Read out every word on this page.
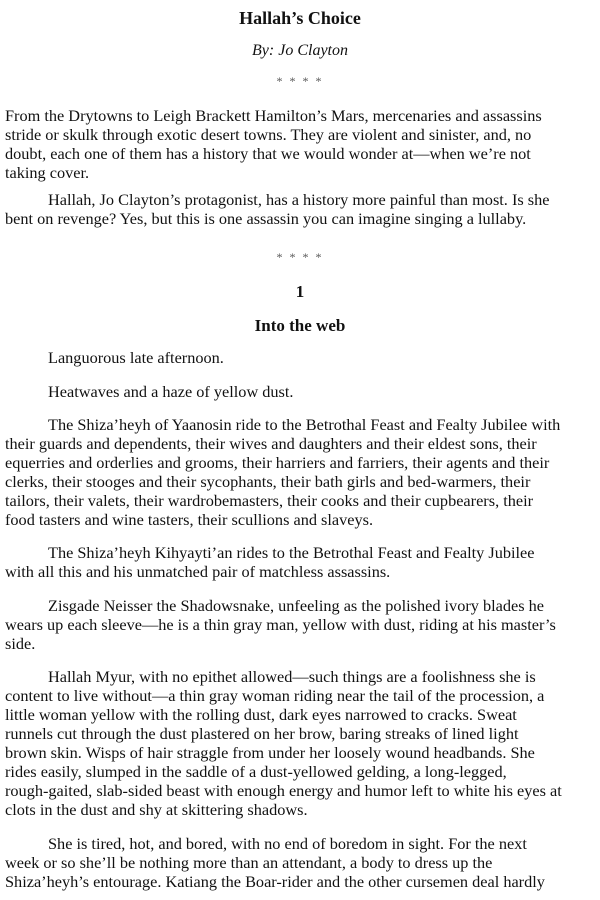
Hallah’s Choice
By: Jo Clayton
* * * *
From the Drytowns to Leigh Brackett Hamilton’s Mars, mercenaries and assassins
stride or skulk through exotic desert towns. They are violent and sinister, and, no
doubt, each one of them has a history that we would wonder at—when we’re not
taking cover.
Hallah, Jo Clayton’s protagonist, has a history more painful than most. Is she
bent on revenge? Yes, but this is one assassin you can imagine singing a lullaby.
* * * *
1
Into the web
Languorous late afternoon.
Heatwaves and a haze of yellow dust.
The Shiza’heyh of Yaanosin ride to the Betrothal Feast and Fealty Jubilee with
their guards and dependents, their wives and daughters and their eldest sons, their
equerries and orderlies and grooms, their harriers and farriers, their agents and their
clerks, their stooges and their sycophants, their bath girls and bed-warmers, their
tailors, their valets, their wardrobemasters, their cooks and their cupbearers, their
food tasters and wine tasters, their scullions and slaveys.
The Shiza’heyh Kihyayti’an rides to the Betrothal Feast and Fealty Jubilee
with all this and his unmatched pair of matchless assassins.
Zisgade Neisser the Shadowsnake, unfeeling as the polished ivory blades he
wears up each sleeve—he is a thin gray man, yellow with dust, riding at his master’s
side.
Hallah Myur, with no epithet allowed—such things are a foolishness she is
content to live without—a thin gray woman riding near the tail of the procession, a
little woman yellow with the rolling dust, dark eyes narrowed to cracks. Sweat
runnels cut through the dust plastered on her brow, baring streaks of lined light
brown skin. Wisps of hair straggle from under her loosely wound headbands. She
rides easily, slumped in the saddle of a dust-yellowed gelding, a long-legged,
rough-gaited, slab-sided beast with enough energy and humor left to white his eyes at
clots in the dust and shy at skittering shadows.
She is tired, hot, and bored, with no end of boredom in sight. For the next
week or so she’ll be nothing more than an attendant, a body to dress up the
Shiza’heyh’s entourage. Katiang the Boar-rider and the other cursemen deal hardly
